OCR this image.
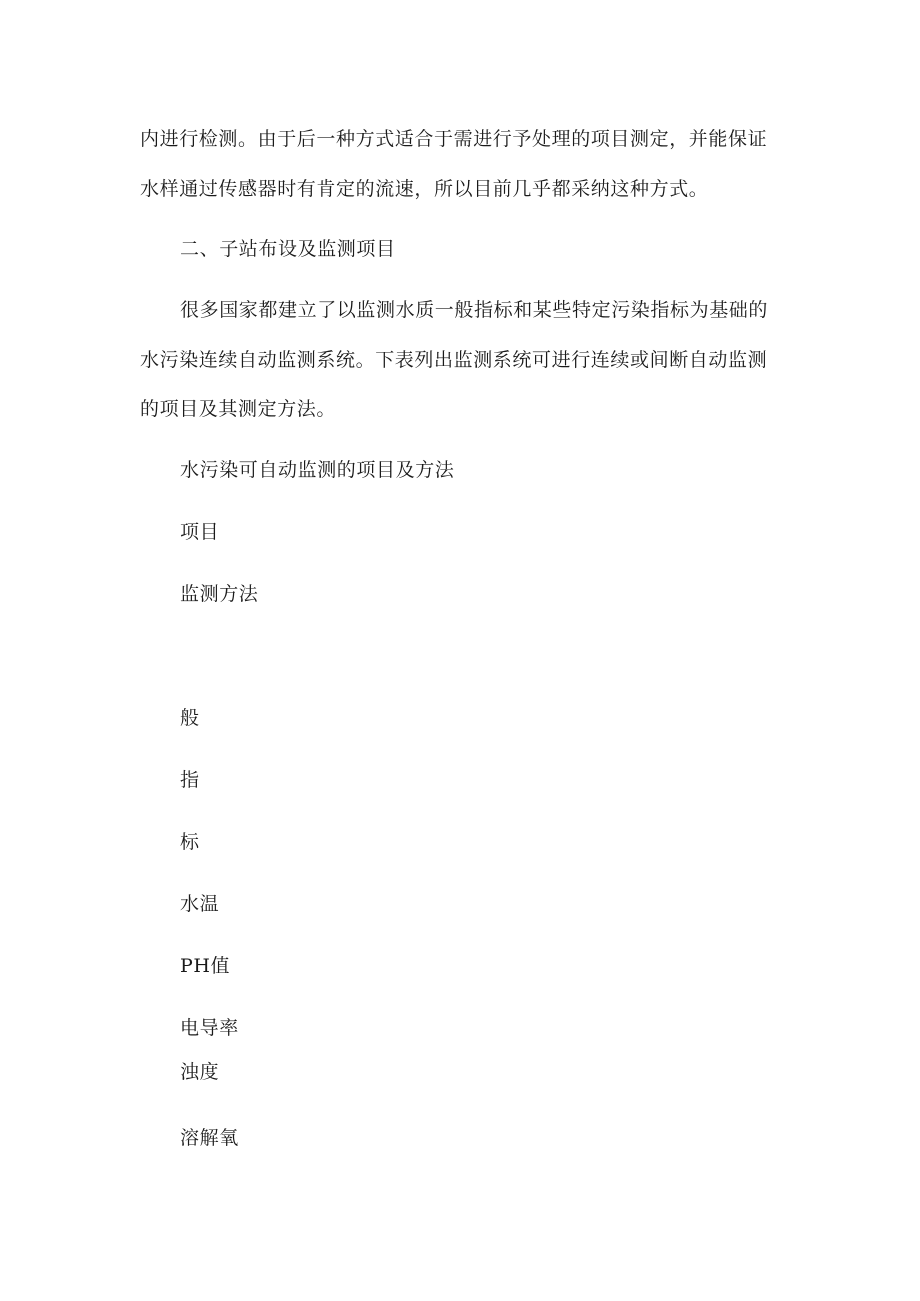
内进行检测。由于后一种方式适合于需进行予处理的项目测定，并能保证
水样通过传感器时有肯定的流速，所以目前几乎都采纳这种方式。
二、子站布设及监测项目
很多国家都建立了以监测水质一般指标和某些特定污染指标为基础的
水污染连续自动监测系统。下表列出监测系统可进行连续或间断自动监测
的项目及其测定方法。
水污染可自动监测的项目及方法
项目
监测方法
般
指
标
水温
PH值
电导率
浊度
溶解氧
